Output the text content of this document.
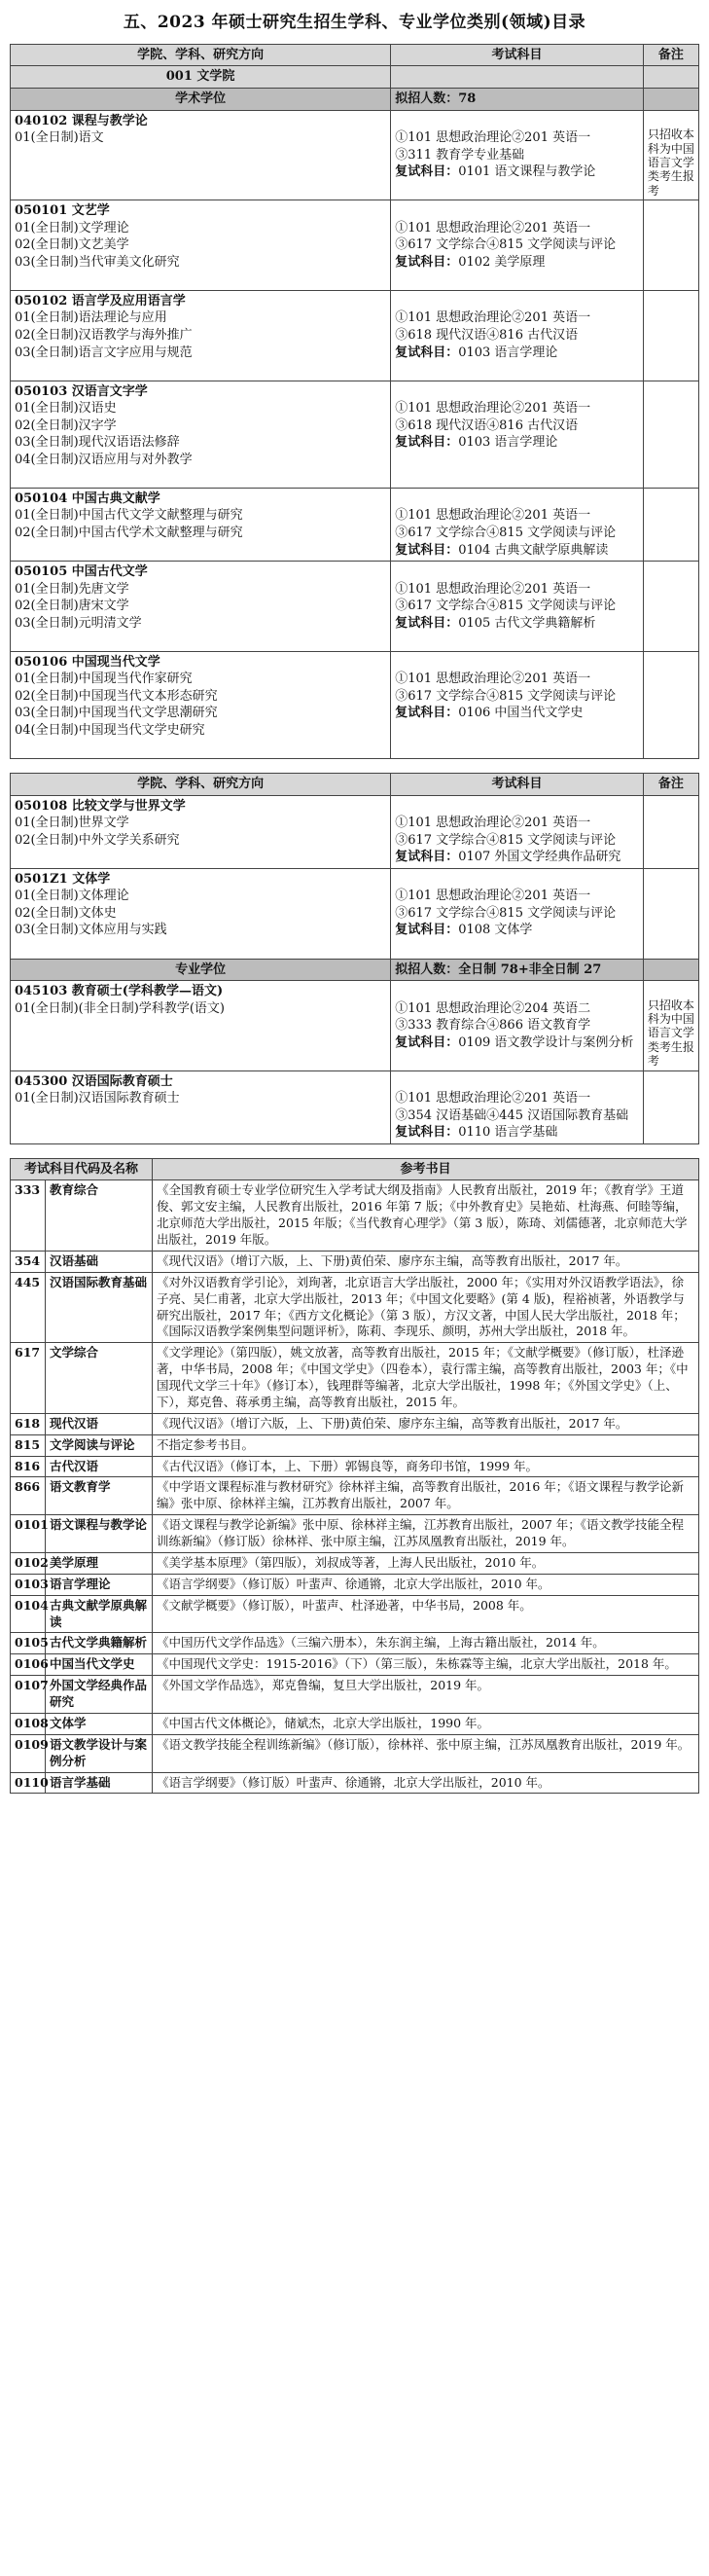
五、2023 年硕士研究生招生学科、专业学位类别(领域)目录
学院、学科、研究方向	考试科目	备注
001 文学院		
学术学位	拟招人数：78	

040102 课程与教学论
01(全日制)语文	①101 思想政治理论②201 英语一
③311 教育学专业基础
复试科目：0101 语文课程与教学论	只招收本科为中国语言文学类考生报考

050101 文艺学
01(全日制)文学理论
02(全日制)文艺美学
03(全日制)当代审美文化研究	①101 思想政治理论②201 英语一
③617 文学综合④815 文学阅读与评论
复试科目：0102 美学原理	

050102 语言学及应用语言学
01(全日制)语法理论与应用
02(全日制)汉语教学与海外推广
03(全日制)语言文字应用与规范	①101 思想政治理论②201 英语一
③618 现代汉语④816 古代汉语
复试科目：0103 语言学理论	

050103 汉语言文字学
01(全日制)汉语史
02(全日制)汉字学
03(全日制)现代汉语语法修辞
04(全日制)汉语应用与对外教学	①101 思想政治理论②201 英语一
③618 现代汉语④816 古代汉语
复试科目：0103 语言学理论	

050104 中国古典文献学
01(全日制)中国古代文学文献整理与研究
02(全日制)中国古代学术文献整理与研究	①101 思想政治理论②201 英语一
③617 文学综合④815 文学阅读与评论
复试科目：0104 古典文献学原典解读	

050105 中国古代文学
01(全日制)先唐文学
02(全日制)唐宋文学
03(全日制)元明清文学	①101 思想政治理论②201 英语一
③617 文学综合④815 文学阅读与评论
复试科目：0105 古代文学典籍解析	

050106 中国现当代文学
01(全日制)中国现当代作家研究
02(全日制)中国现当代文本形态研究
03(全日制)中国现当代文学思潮研究
04(全日制)中国现当代文学史研究	①101 思想政治理论②201 英语一
③617 文学综合④815 文学阅读与评论
复试科目：0106 中国当代文学史	

学院、学科、研究方向	考试科目	备注

050108 比较文学与世界文学
01(全日制)世界文学
02(全日制)中外文学关系研究	①101 思想政治理论②201 英语一
③617 文学综合④815 文学阅读与评论
复试科目：0107 外国文学经典作品研究	

0501Z1 文体学
01(全日制)文体理论
02(全日制)文体史
03(全日制)文体应用与实践	①101 思想政治理论②201 英语一
③617 文学综合④815 文学阅读与评论
复试科目：0108 文体学	

专业学位	拟招人数：全日制 78+非全日制 27	

045103 教育硕士(学科教学—语文)
01(全日制)(非全日制)学科教学(语文)	①101 思想政治理论②204 英语二
③333 教育综合④866 语文教育学
复试科目：0109 语文教学设计与案例分析	只招收本科为中国语言文学类考生报考

045300 汉语国际教育硕士
01(全日制)汉语国际教育硕士	①101 思想政治理论②201 英语一
③354 汉语基础④445 汉语国际教育基础
复试科目：0110 语言学基础	

考试科目代码及名称		参考书目
333	教育综合	《全国教育硕士专业学位研究生入学考试大纲及指南》人民教育出版社，2019 年；《教育学》王道俊、郭文安主编，人民教育出版社，2016 年第 7 版；《中外教育史》吴艳茹、杜海燕、何睦等编，北京师范大学出版社，2015 年版；《当代教育心理学》（第 3 版），陈琦、刘儒德著，北京师范大学出版社，2019 年版。
354	汉语基础	《现代汉语》（增订六版，上、下册)黄伯荣、廖序东主编，高等教育出版社，2017 年。
445	汉语国际教育基础	《对外汉语教育学引论》，刘珣著，北京语言大学出版社，2000 年；《实用对外汉语教学语法》，徐子亮、吴仁甫著，北京大学出版社，2013 年；《中国文化要略》(第 4 版)，程裕祯著，外语教学与研究出版社，2017 年；《西方文化概论》（第 3 版），方汉文著，中国人民大学出版社，2018 年；《国际汉语教学案例集型问题评析》，陈莉、李现乐、颜明，苏州大学出版社，2018 年。
617	文学综合	《文学理论》（第四版），姚文放著，高等教育出版社，2015 年；《文献学概要》（修订版），杜泽逊著，中华书局，2008 年；《中国文学史》（四卷本），袁行霈主编，高等教育出版社，2003 年；《中国现代文学三十年》（修订本），钱理群等编著，北京大学出版社，1998 年；《外国文学史》（上、下），郑克鲁、蒋承勇主编，高等教育出版社，2015 年。
618	现代汉语	《现代汉语》（增订六版，上、下册)黄伯荣、廖序东主编，高等教育出版社，2017 年。
815	文学阅读与评论	不指定参考书目。
816	古代汉语	《古代汉语》（修订本，上、下册）郭锡良等，商务印书馆，1999 年。
866	语文教育学	《中学语文课程标准与教材研究》徐林祥主编，高等教育出版社，2016 年；《语文课程与教学论新编》张中原、徐林祥主编，江苏教育出版社，2007 年。
0101	语文课程与教学论	《语文课程与教学论新编》张中原、徐林祥主编，江苏教育出版社，2007 年；《语文教学技能全程训练新编》（修订版）徐林祥、张中原主编，江苏凤凰教育出版社，2019 年。
0102	美学原理	《美学基本原理》（第四版），刘叔成等著，上海人民出版社，2010 年。
0103	语言学理论	《语言学纲要》（修订版）叶蜚声、徐通锵，北京大学出版社，2010 年。
0104	古典文献学原典解读	《文献学概要》（修订版），叶蜚声、杜泽逊著，中华书局，2008 年。
0105	古代文学典籍解析	《中国历代文学作品选》（三编六册本），朱东润主编，上海古籍出版社，2014 年。
0106	中国当代文学史	《中国现代文学史：1915-2016》（下）（第三版），朱栋霖等主编，北京大学出版社，2018 年。
0107	外国文学经典作品研究	《外国文学作品选》，郑克鲁编，复旦大学出版社，2019 年。
0108	文体学	《中国古代文体概论》，储斌杰，北京大学出版社，1990 年。
0109	语文教学设计与案例分析	《语文教学技能全程训练新编》（修订版），徐林祥、张中原主编，江苏凤凰教育出版社，2019 年。
0110	语言学基础	《语言学纲要》（修订版）叶蜚声、徐通锵，北京大学出版社，2010 年。
